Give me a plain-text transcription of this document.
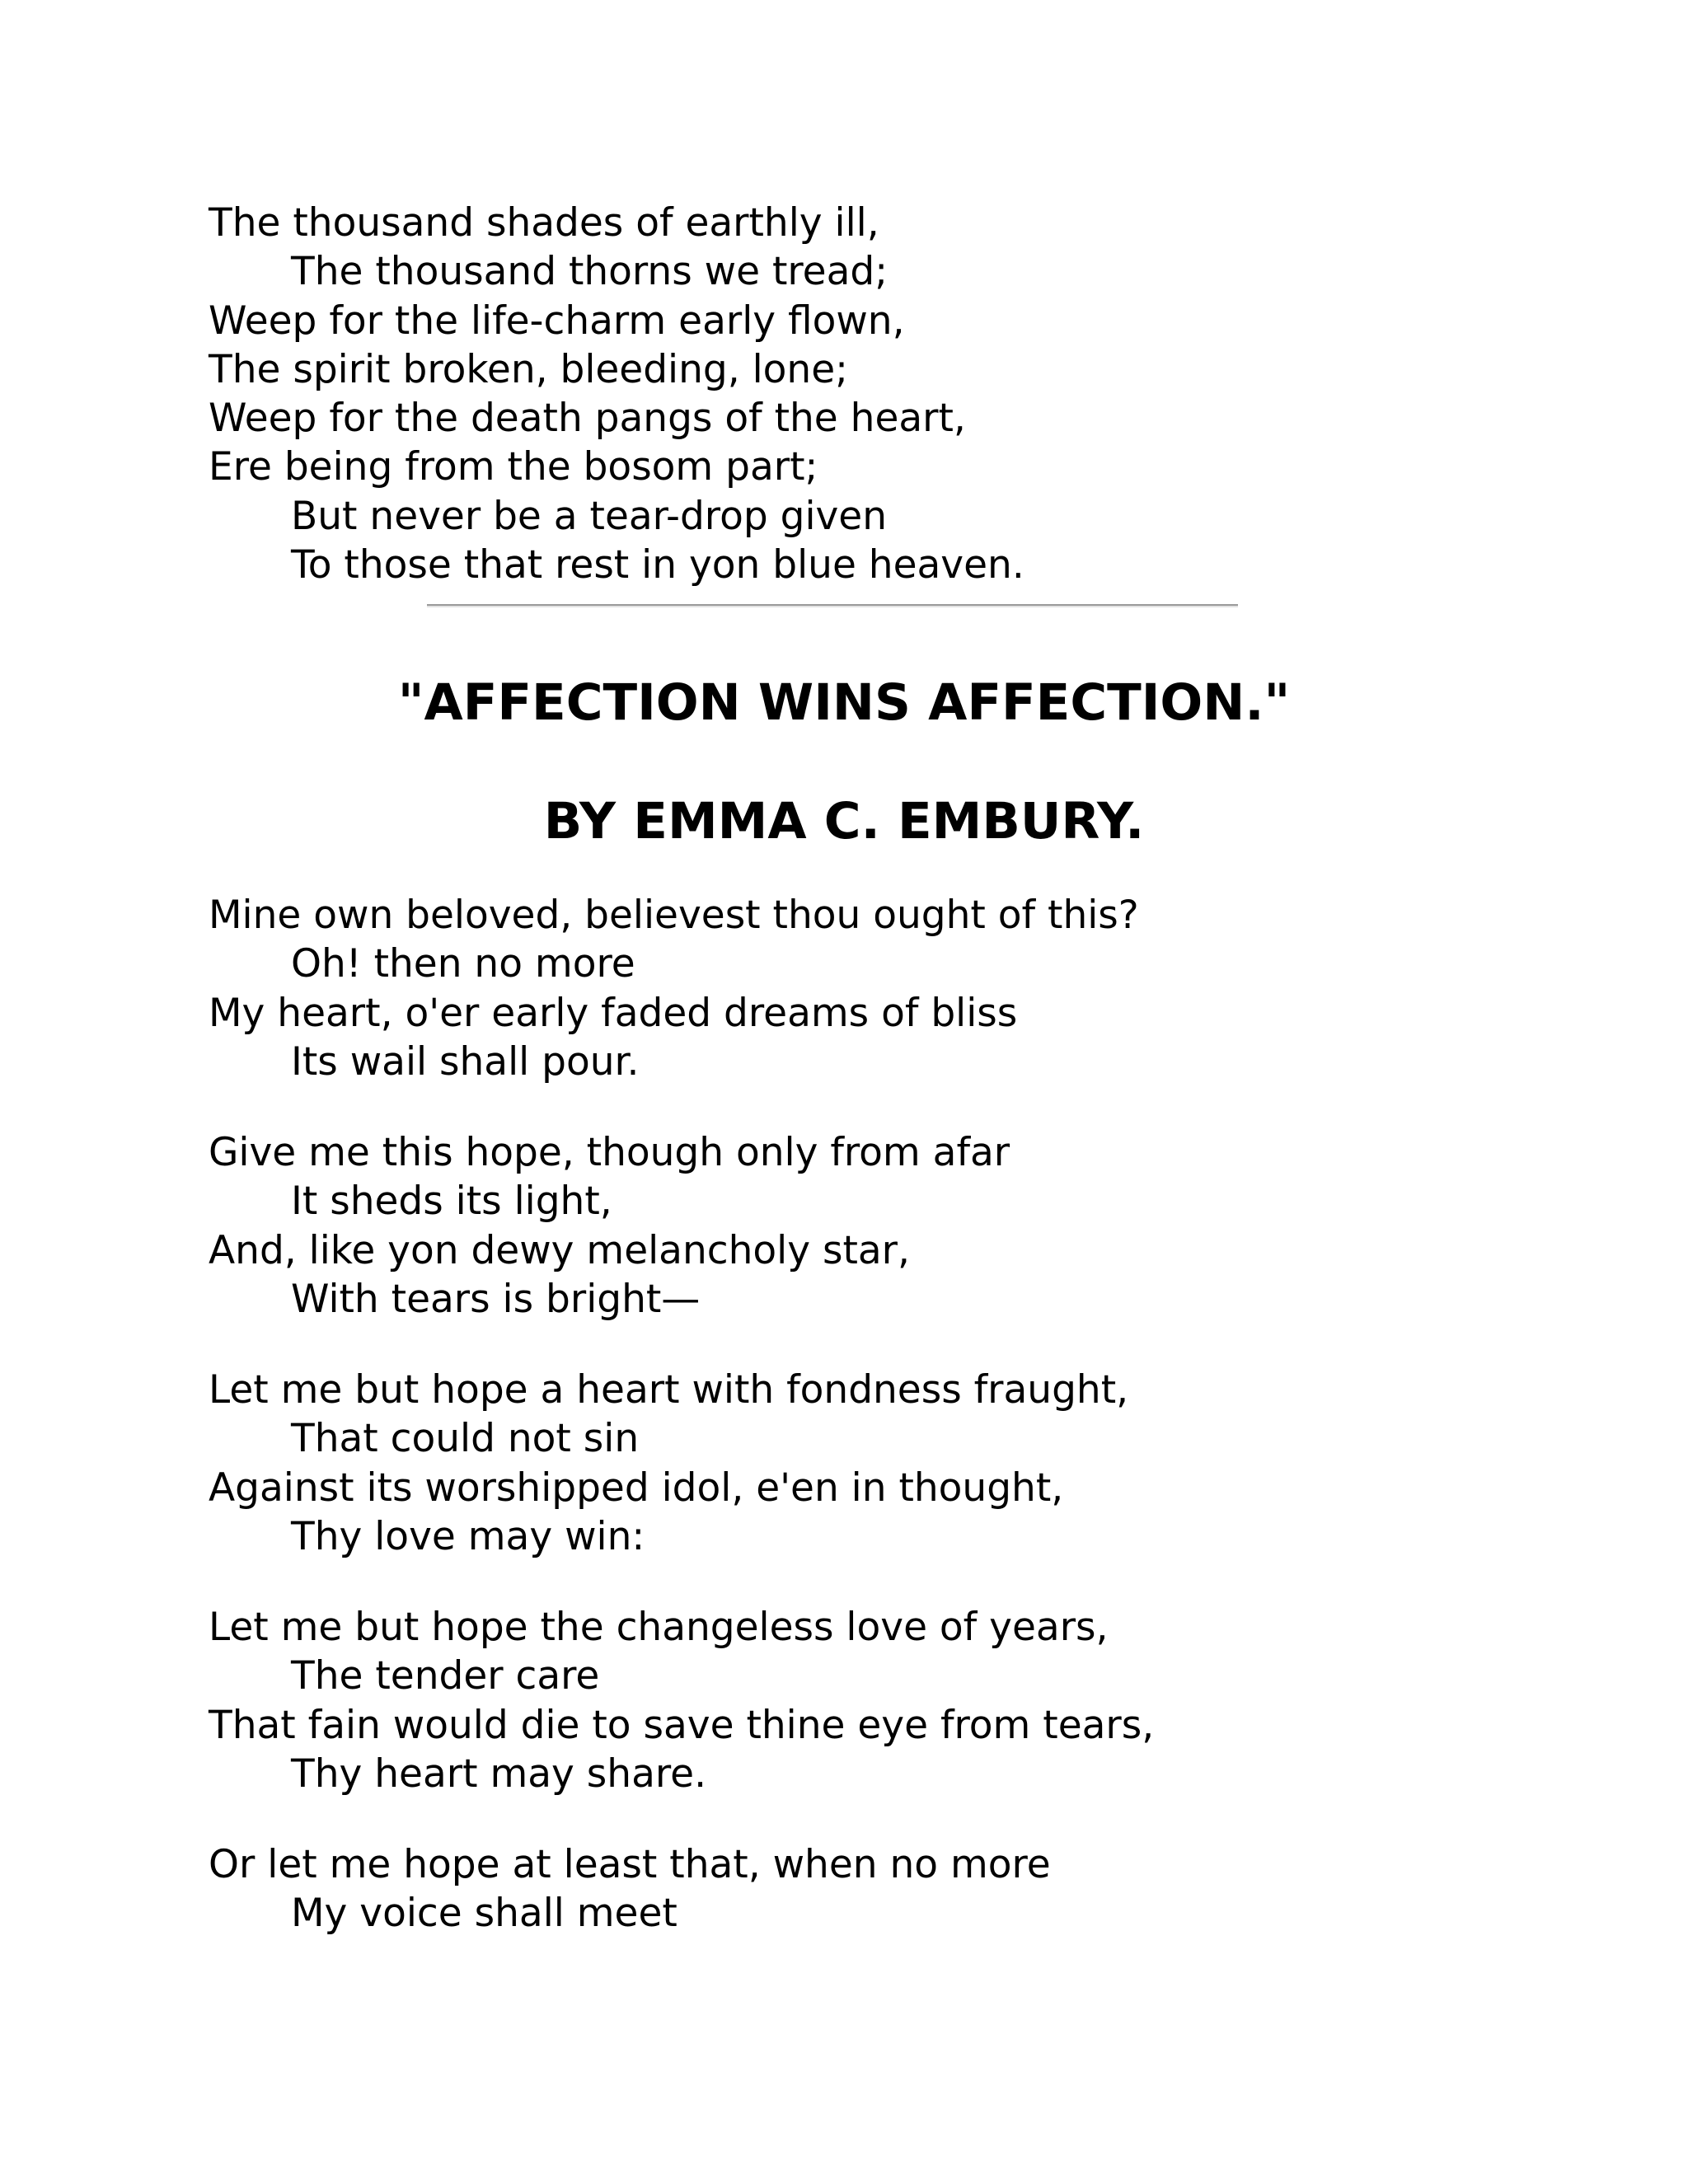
The thousand shades of earthly ill,
The thousand thorns we tread;
Weep for the life-charm early flown,
The spirit broken, bleeding, lone;
Weep for the death pangs of the heart,
Ere being from the bosom part;
But never be a tear-drop given
To those that rest in yon blue heaven.
"AFFECTION WINS AFFECTION."
BY EMMA C. EMBURY.
Mine own beloved, believest thou ought of this?
Oh! then no more
My heart, o'er early faded dreams of bliss
Its wail shall pour.
Give me this hope, though only from afar
It sheds its light,
And, like yon dewy melancholy star,
With tears is bright—
Let me but hope a heart with fondness fraught,
That could not sin
Against its worshipped idol, e'en in thought,
Thy love may win:
Let me but hope the changeless love of years,
The tender care
That fain would die to save thine eye from tears,
Thy heart may share.
Or let me hope at least that, when no more
My voice shall meet
